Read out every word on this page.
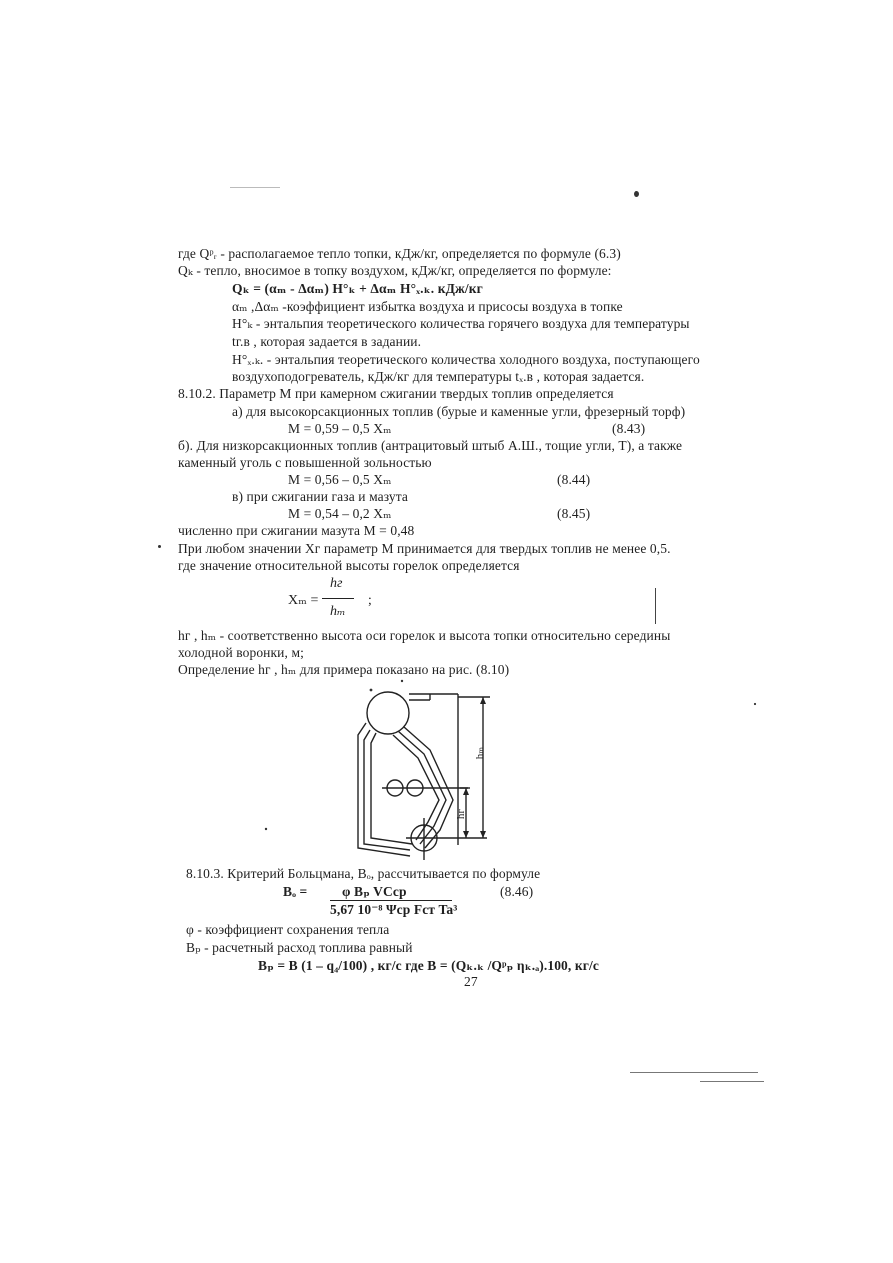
где Qᵖᵣ - располагаемое тепло топки, кДж/кг, определяется по формуле (6.3)
Qₖ - тепло, вносимое в топку воздухом, кДж/кг, определяется по формуле:
Qₖ = (αₘ - Δαₘ) H°ₖ + Δαₘ H°ₓ.ₖ. кДж/кг
αₘ ,Δαₘ -коэффициент избытка воздуха и присосы воздуха в топке
H°ₖ - энтальпия теоретического количества горячего воздуха для температуры
tг.в , которая задается в задании.
H°ₓ.ₖ. - энтальпия теоретического количества холодного воздуха, поступающего
воздухоподогреватель, кДж/кг для температуры tₓ.в , которая задается.
8.10.2. Параметр М при камерном сжигании твердых топлив определяется
а) для высокорсакционных топлив (бурые и каменные угли, фрезерный торф)
M = 0,59 – 0,5 Xₘ	(8.43)
б). Для низкорсакционных топлив (антрацитовый штыб А.Ш., тощие угли, Т), а также
каменный уголь с повышенной зольностью
M = 0,56 – 0,5 Xₘ	(8.44)
в) при сжигании газа и мазута
M = 0,54 – 0,2 Xₘ	(8.45)
численно при сжигании мазута M = 0,48
При любом значении Xг параметр М принимается для твердых топлив не менее 0,5.
где значение относительной высоты горелок определяется
Xₘ =
hг
hₘ
;
hг , hₘ - соответственно высота оси горелок и высота топки относительно середины
холодной воронки, м;
Определение hг , hₘ для примера показано на рис. (8.10)
hₘ
hг
8.10.3. Критерий Больцмана, Bₒ, рассчитывается по формуле
Bₒ =	φ Bₚ VCср
5,67 10⁻⁸ Ψср Fст Ta³
(8.46)
φ - коэффициент сохранения тепла
Bₚ - расчетный расход топлива равный
Bₚ = B (1 – q₄/100) , кг/с где B = (Qₖ.ₖ /Qᵖₚ ηₖ.ₐ).100, кг/с
27
